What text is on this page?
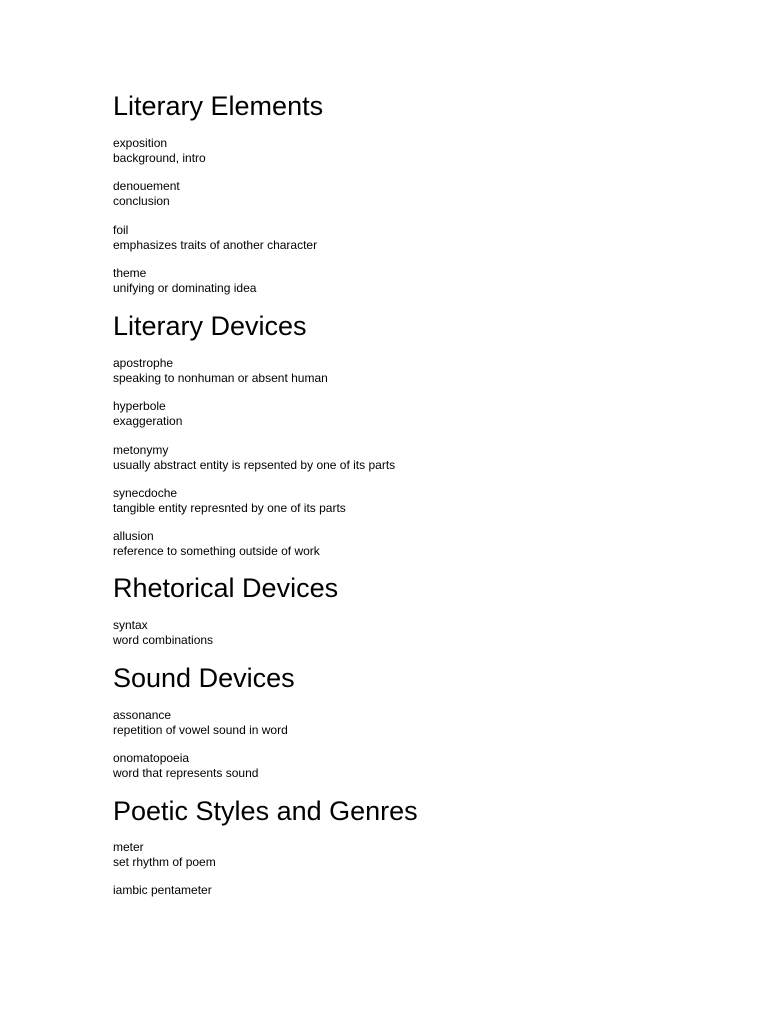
Literary Elements
exposition
background, intro
denouement
conclusion
foil
emphasizes traits of another character
theme
unifying or dominating idea
Literary Devices
apostrophe
speaking to nonhuman or absent human
hyperbole
exaggeration
metonymy
usually abstract entity is repsented by one of its parts
synecdoche
tangible entity represnted by one of its parts
allusion
reference to something outside of work
Rhetorical Devices
syntax
word combinations
Sound Devices
assonance
repetition of vowel sound in word
onomatopoeia
word that represents sound
Poetic Styles and Genres
meter
set rhythm of poem
iambic pentameter
